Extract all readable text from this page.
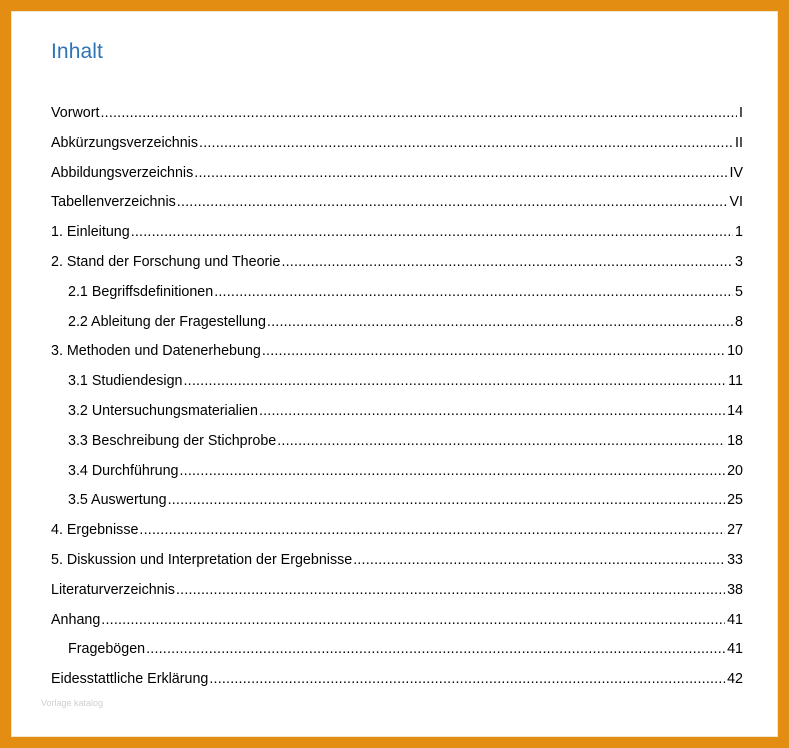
Inhalt
Vorwort .....	I
Abkürzungsverzeichnis .....	II
Abbildungsverzeichnis .....	IV
Tabellenverzeichnis .....	VI
1. Einleitung .....	1
2. Stand der Forschung und Theorie .....	3
2.1 Begriffsdefinitionen .....	5
2.2 Ableitung der Fragestellung .....	8
3. Methoden und Datenerhebung .....	10
3.1 Studiendesign .....	11
3.2 Untersuchungsmaterialien .....	14
3.3 Beschreibung der Stichprobe .....	18
3.4 Durchführung .....	20
3.5 Auswertung .....	25
4. Ergebnisse .....	27
5. Diskussion und Interpretation der Ergebnisse .....	33
Literaturverzeichnis .....	38
Anhang .....	41
Fragebögen .....	41
Eidesstattliche Erklärung .....	42
Vorlage katalog
